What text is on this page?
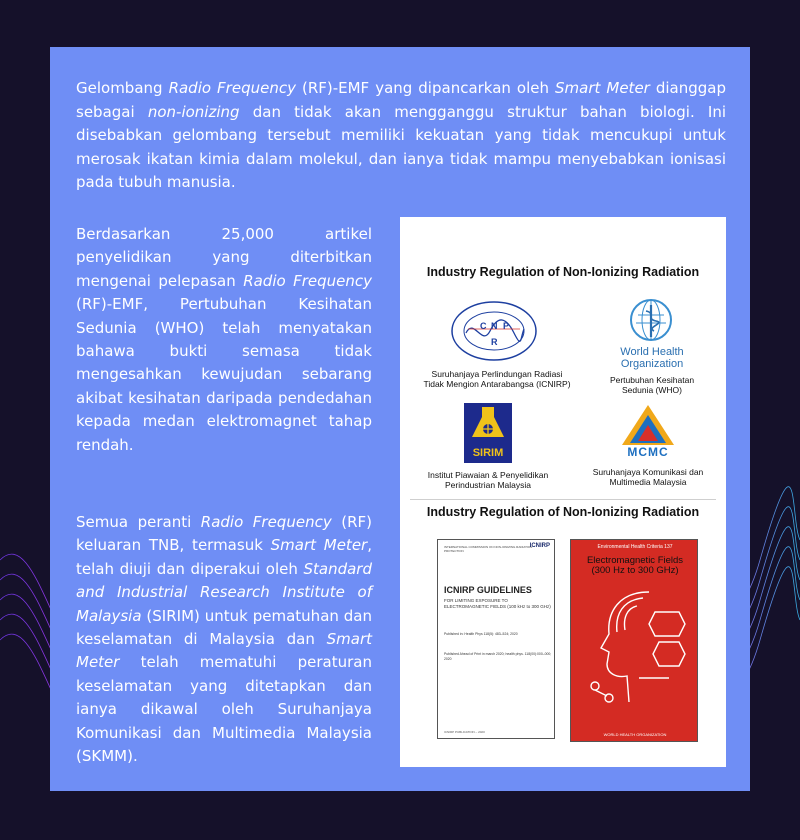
Gelombang Radio Frequency (RF)-EMF yang dipancarkan oleh Smart Meter dianggap sebagai non-ionizing dan tidak akan mengganggu struktur bahan biologi. Ini disebabkan gelombang tersebut memiliki kekuatan yang tidak mencukupi untuk merosak ikatan kimia dalam molekul, dan ianya tidak mampu menyebabkan ionisasi pada tubuh manusia.

Berdasarkan 25,000 artikel penyelidikan yang diterbitkan mengenai pelepasan Radio Frequency (RF)-EMF, Pertubuhan Kesihatan Sedunia (WHO) telah menyatakan bahawa bukti semasa tidak mengesahkan kewujudan sebarang akibat kesihatan daripada pendedahan kepada medan elektromagnet tahap rendah.

Semua peranti Radio Frequency (RF) keluaran TNB, termasuk Smart Meter, telah diuji dan diperakui oleh Standard and Industrial Research Institute of Malaysia (SIRIM) untuk pematuhan dan keselamatan di Malaysia dan Smart Meter telah mematuhi peraturan keselamatan yang ditetapkan dan ianya dikawal oleh Suruhanjaya Komunikasi dan Multimedia Malaysia (SKMM).

Industry Regulation of Non-Ionizing Radiation
C N P
R
Suruhanjaya Perlindungan Radiasi
Tidak Mengion Antarabangsa (ICNIRP)
World Health
Organization
Pertubuhan Kesihatan
Sedunia (WHO)
SIRIM
Institut Piawaian & Penyelidikan
Perindustrian Malaysia
MCMC
Suruhanjaya Komunikasi dan
Multimedia Malaysia
Industry Regulation of Non-Ionizing Radiation
INTERNATIONAL COMMISSION ON NON-IONIZING RADIATION PROTECTION
ICNIRP
ICNIRP GUIDELINES
FOR LIMITING EXPOSURE TO
ELECTROMAGNETIC FIELDS (100 kHz to 300 GHz)
Published in: Health Phys 118(5): 483–524; 2020
Published Ahead of Print in march 2020; health phys. 118(00):000–000; 2020
ICNIRP PUBLICATION – 2020
Environmental Health Criteria 137
Electromagnetic Fields
(300 Hz to 300 GHz)
WORLD HEALTH ORGANIZATION
